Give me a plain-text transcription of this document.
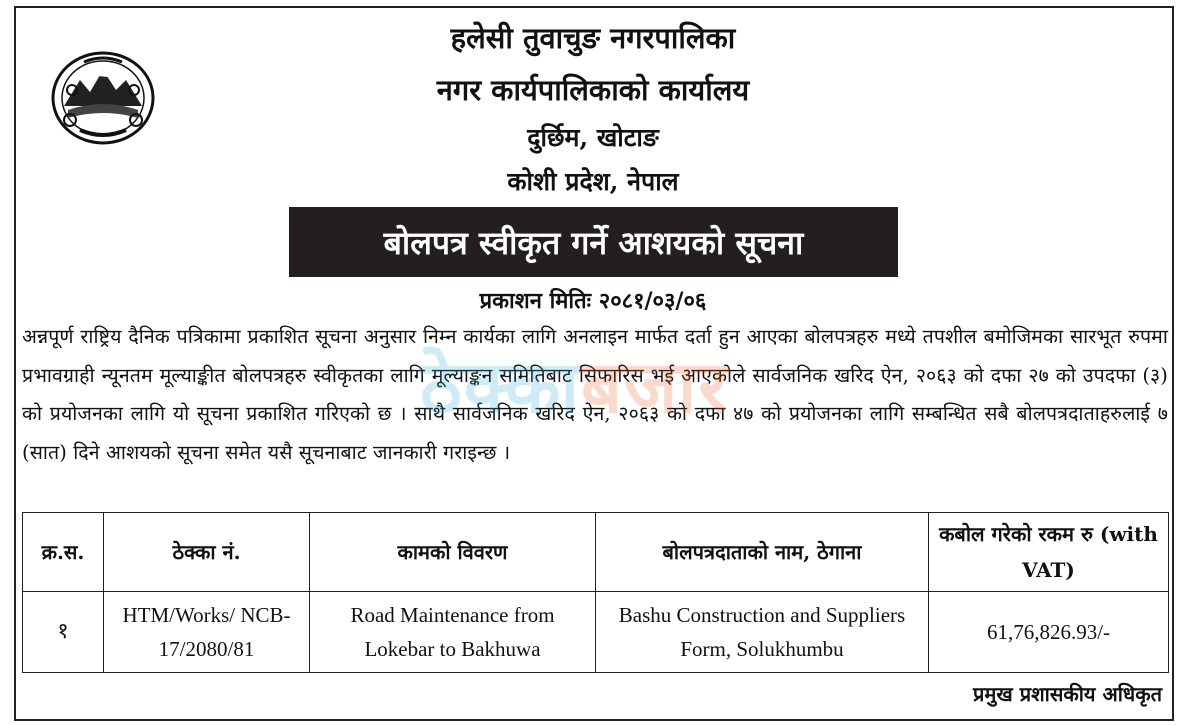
हलेसी तुवाचुङ नगरपालिका
नगर कार्यपालिकाको कार्यालय
दुर्छिम, खोटाङ
कोशी प्रदेश, नेपाल
बोलपत्र स्वीकृत गर्ने आशयको सूचना
प्रकाशन मितिः २०८१/०३/०६
अन्नपूर्ण राष्ट्रिय दैनिक पत्रिकामा प्रकाशित सूचना अनुसार निम्न कार्यका लागि अनलाइन मार्फत दर्ता हुन आएका बोलपत्रहरु मध्ये तपशील बमोजिमका सारभूत रुपमा प्रभावग्राही न्यूनतम मूल्याङ्कीत बोलपत्रहरु स्वीकृतका लागि मूल्याङ्कन समितिबाट सिफारिस भई आएकोले सार्वजनिक खरिद ऐन, २०६३ को दफा २७ को उपदफा (३) को प्रयोजनका लागि यो सूचना प्रकाशित गरिएको छ । साथै सार्वजनिक खरिद ऐन, २०६३ को दफा ४७ को प्रयोजनका लागि सम्बन्धित सबै बोलपत्रदाताहरुलाई ७ (सात) दिने आशयको सूचना समेत यसै सूचनाबाट जानकारी गराइन्छ ।
ठेक्काबजार
क्र.स.	ठेक्का नं.	कामको विवरण	बोलपत्रदाताको नाम, ठेगाना	कबोल गरेको रकम रु (with VAT)
१	HTM/Works/ NCB-17/2080/81	Road Maintenance from Lokebar to Bakhuwa	Bashu Construction and Suppliers Form, Solukhumbu	61,76,826.93/-
प्रमुख प्रशासकीय अधिकृत
